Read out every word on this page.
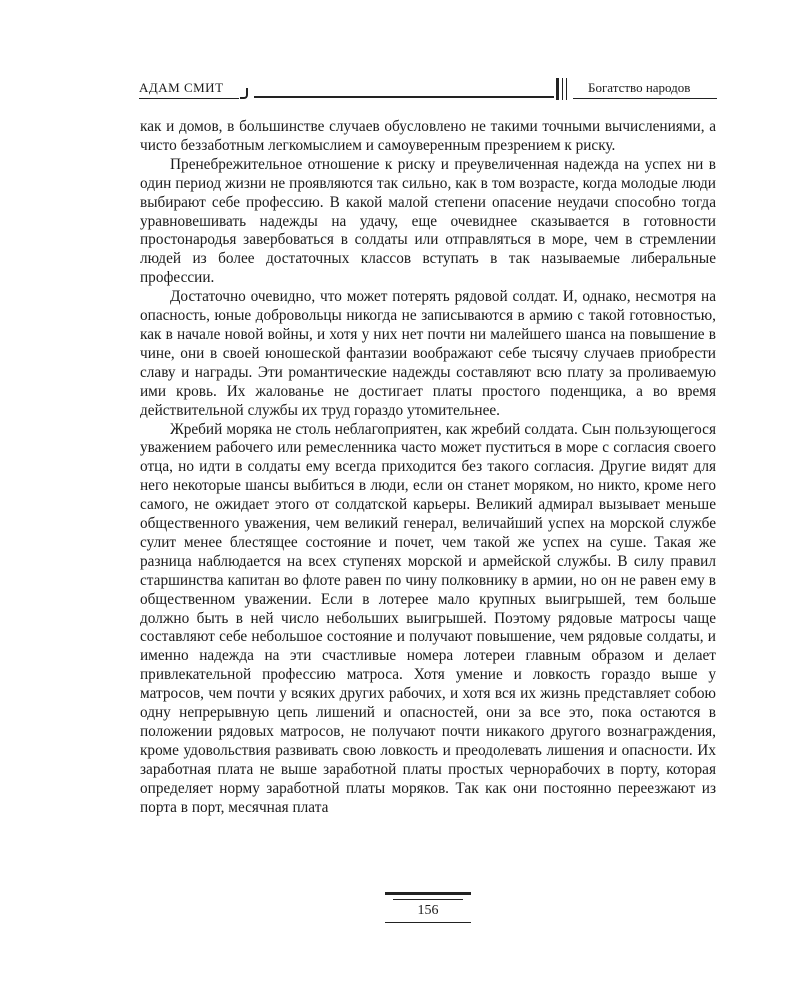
АДАМ СМИТ	Богатство народов

как и домов, в большинстве случаев обусловлено не такими точными вычислениями, а чисто беззаботным легкомыслием и самоуверенным презрением к риску.

Пренебрежительное отношение к риску и преувеличенная надежда на успех ни в один период жизни не проявляются так сильно, как в том возрасте, когда молодые люди выбирают себе профессию. В какой малой степени опасение неудачи способно тогда уравновешивать надежды на удачу, еще очевиднее сказывается в готовности простонародья завербоваться в солдаты или отправляться в море, чем в стремлении людей из более достаточных классов вступать в так называемые либеральные профессии.

Достаточно очевидно, что может потерять рядовой солдат. И, однако, несмотря на опасность, юные добровольцы никогда не записываются в армию с такой готовностью, как в начале новой войны, и хотя у них нет почти ни малейшего шанса на повышение в чине, они в своей юношеской фантазии воображают себе тысячу случаев приобрести славу и награды. Эти романтические надежды составляют всю плату за проливаемую ими кровь. Их жалованье не достигает платы простого поденщика, а во время действительной службы их труд гораздо утомительнее.

Жребий моряка не столь неблагоприятен, как жребий солдата. Сын пользующегося уважением рабочего или ремесленника часто может пуститься в море с согласия своего отца, но идти в солдаты ему всегда приходится без такого согласия. Другие видят для него некоторые шансы выбиться в люди, если он станет моряком, но никто, кроме него самого, не ожидает этого от солдатской карьеры. Великий адмирал вызывает меньше общественного уважения, чем великий генерал, величайший успех на морской службе сулит менее блестящее состояние и почет, чем такой же успех на суше. Такая же разница наблюдается на всех ступенях морской и армейской службы. В силу правил старшинства капитан во флоте равен по чину полковнику в армии, но он не равен ему в общественном уважении. Если в лотерее мало крупных выигрышей, тем больше должно быть в ней число небольших выигрышей. Поэтому рядовые матросы чаще составляют себе небольшое состояние и получают повышение, чем рядовые солдаты, и именно надежда на эти счастливые номера лотереи главным образом и делает привлекательной профессию матроса. Хотя умение и ловкость гораздо выше у матросов, чем почти у всяких других рабочих, и хотя вся их жизнь представляет собою одну непрерывную цепь лишений и опасностей, они за все это, пока остаются в положении рядовых матросов, не получают почти никакого другого вознаграждения, кроме удовольствия развивать свою ловкость и преодолевать лишения и опасности. Их заработная плата не выше заработной платы простых чернорабочих в порту, которая определяет норму заработной платы моряков. Так как они постоянно переезжают из порта в порт, месячная плата

156
